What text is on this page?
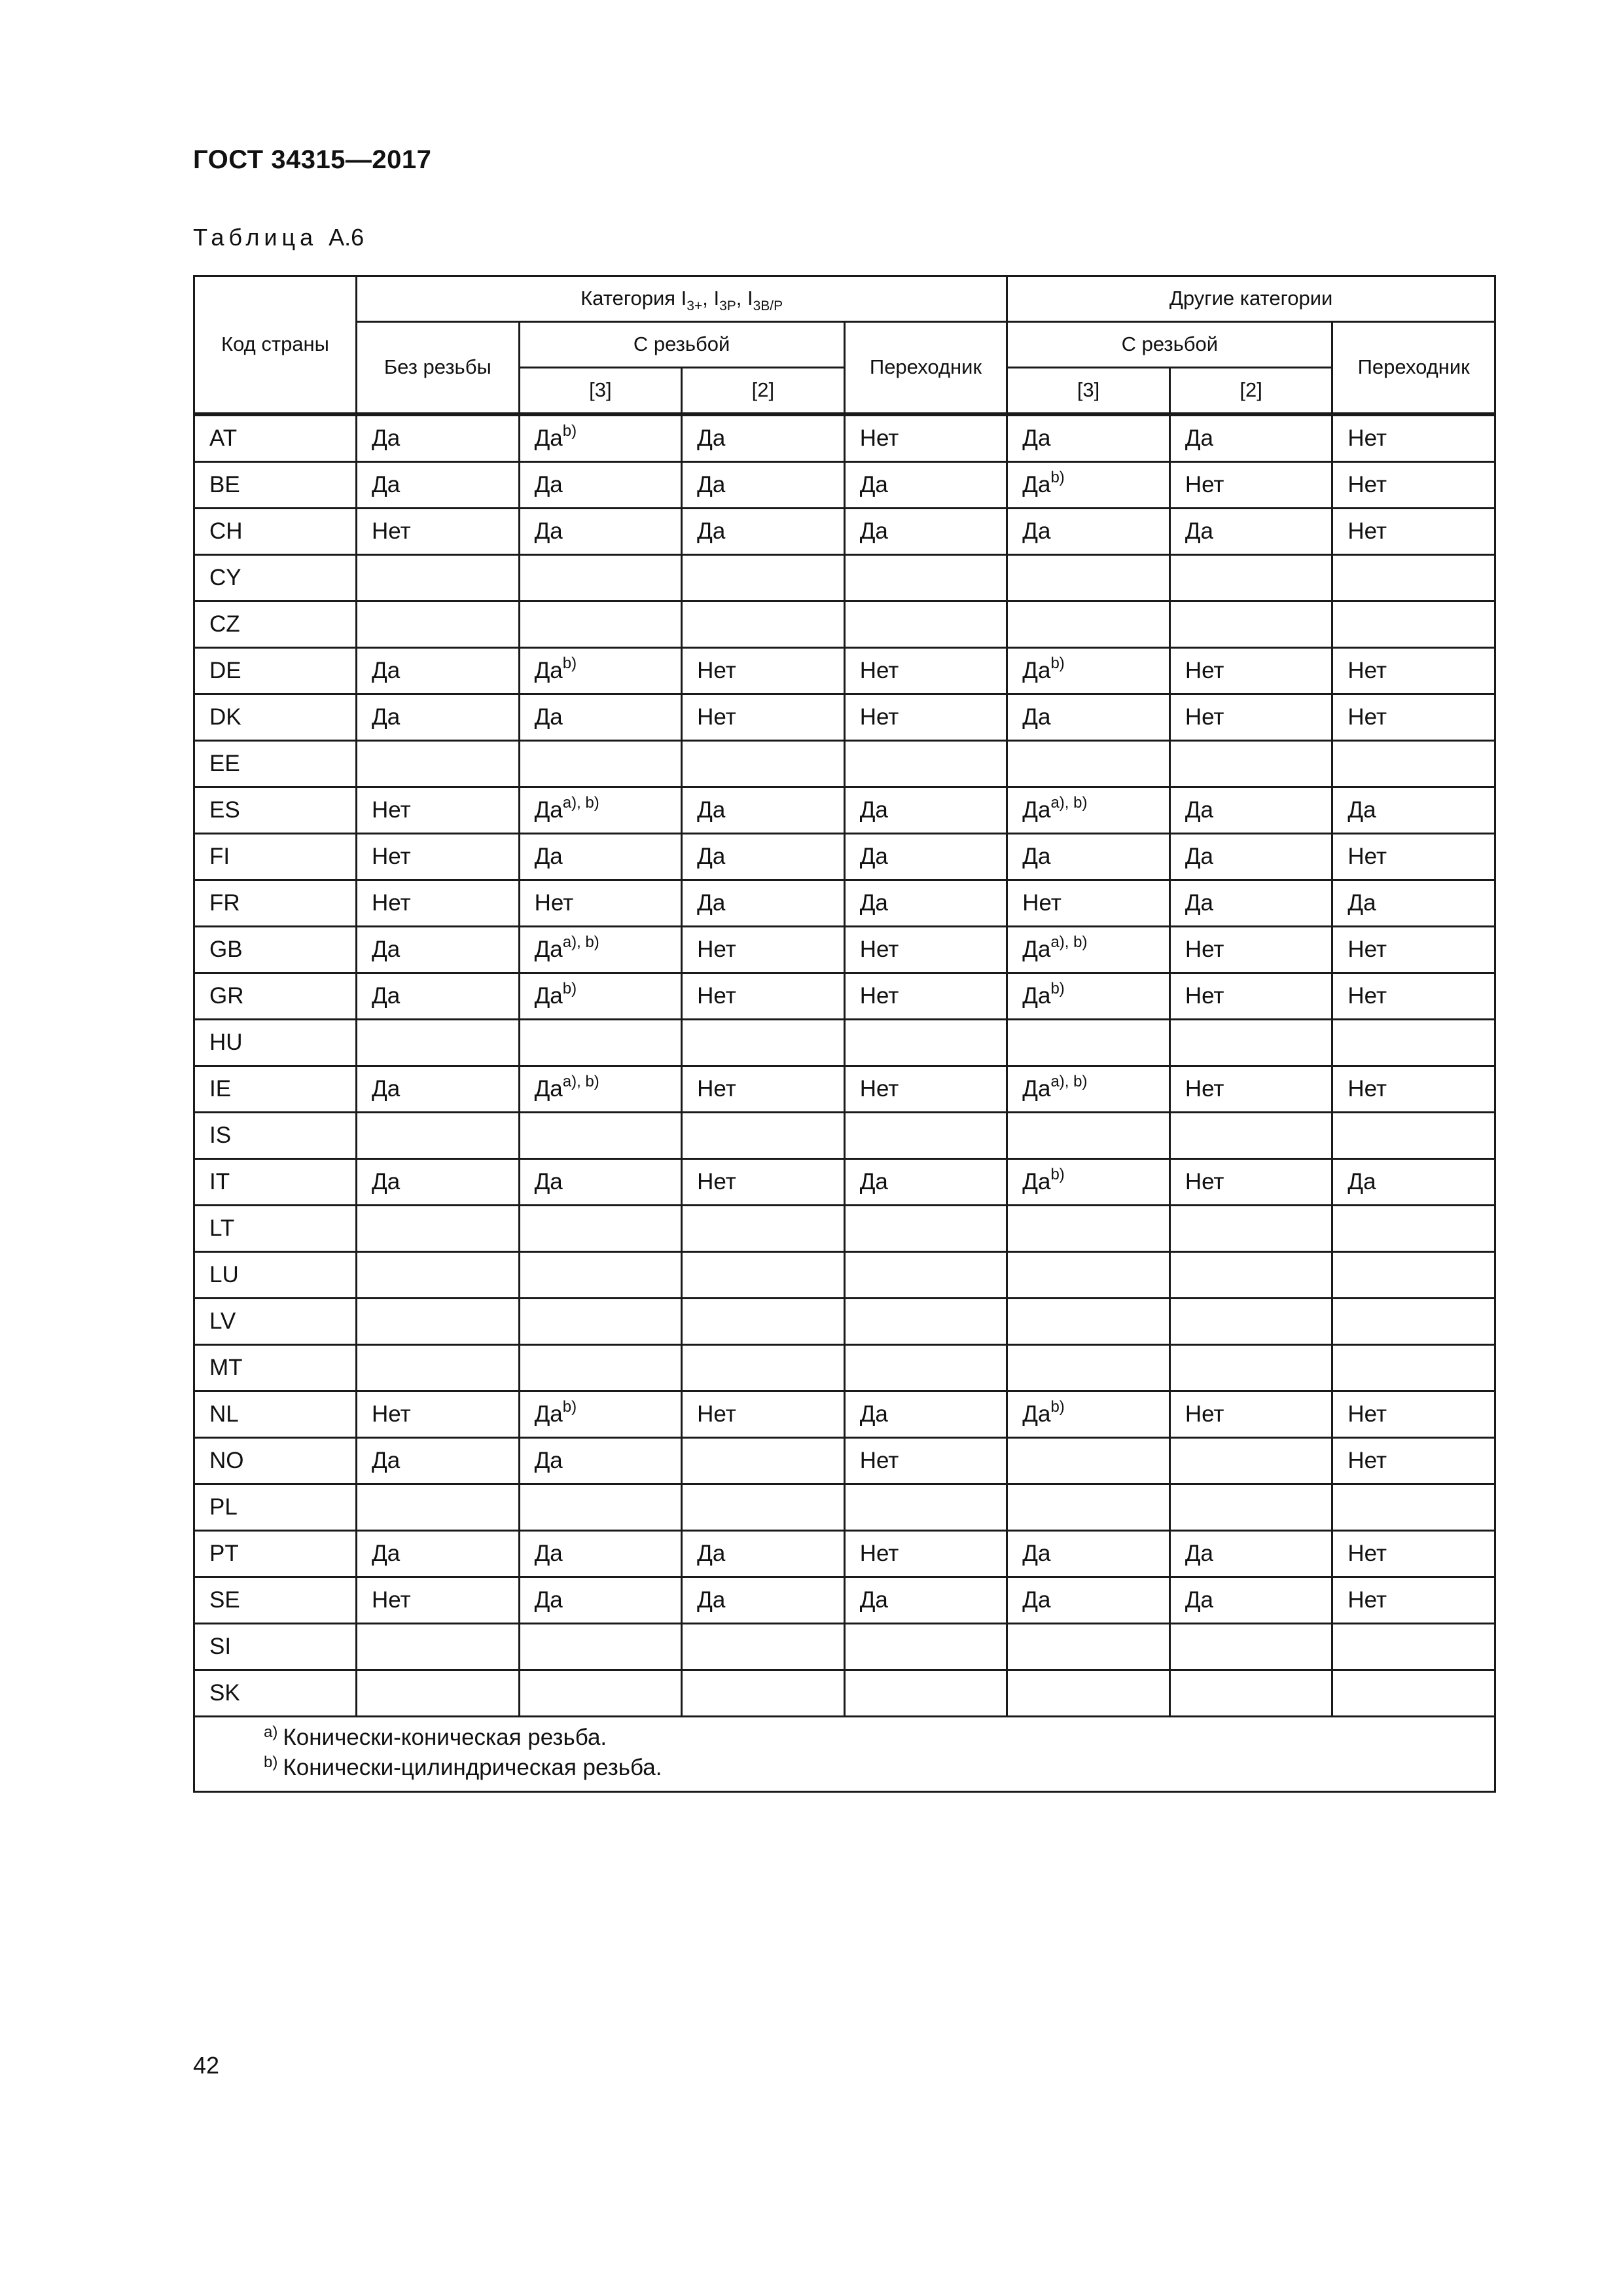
ГОСТ 34315—2017
Таблица А.6
Код страны	Категория $I_{3+}$, $I_{3P}$, $I_{3B/P}$				Другие категории		
	Без резьбы	С резьбой		Переходник	С резьбой		Переходник
		[3]	[2]		[3]	[2]	
AT	Да	$Да^{b)}$	Да	Нет	Да	Да	Нет
BE	Да	Да	Да	Да	$Да^{b)}$	Нет	Нет
CH	Нет	Да	Да	Да	Да	Да	Нет
CY							
CZ							
DE	Да	$Да^{b)}$	Нет	Нет	$Да^{b)}$	Нет	Нет
DK	Да	Да	Нет	Нет	Да	Нет	Нет
EE							
ES	Нет	$Да^{a), b)}$	Да	Да	$Да^{a), b)}$	Да	Да
FI	Нет	Да	Да	Да	Да	Да	Нет
FR	Нет	Нет	Да	Да	Нет	Да	Да
GB	Да	$Да^{a), b)}$	Нет	Нет	$Да^{a), b)}$	Нет	Нет
GR	Да	$Да^{b)}$	Нет	Нет	$Да^{b)}$	Нет	Нет
HU							
IE	Да	$Да^{a), b)}$	Нет	Нет	$Да^{a), b)}$	Нет	Нет
IS							
IT	Да	Да	Нет	Да	$Да^{b)}$	Нет	Да
LT							
LU							
LV							
MT							
NL	Нет	$Да^{b)}$	Нет	Да	$Да^{b)}$	Нет	Нет
NO	Да	Да		Нет			Нет
PL							
PT	Да	Да	Да	Нет	Да	Да	Нет
SE	Нет	Да	Да	Да	Да	Да	Нет
SI							
SK							

$^{a)}$ Конически-коническая резьба.
$^{b)}$ Конически-цилиндрическая резьба.							
42
